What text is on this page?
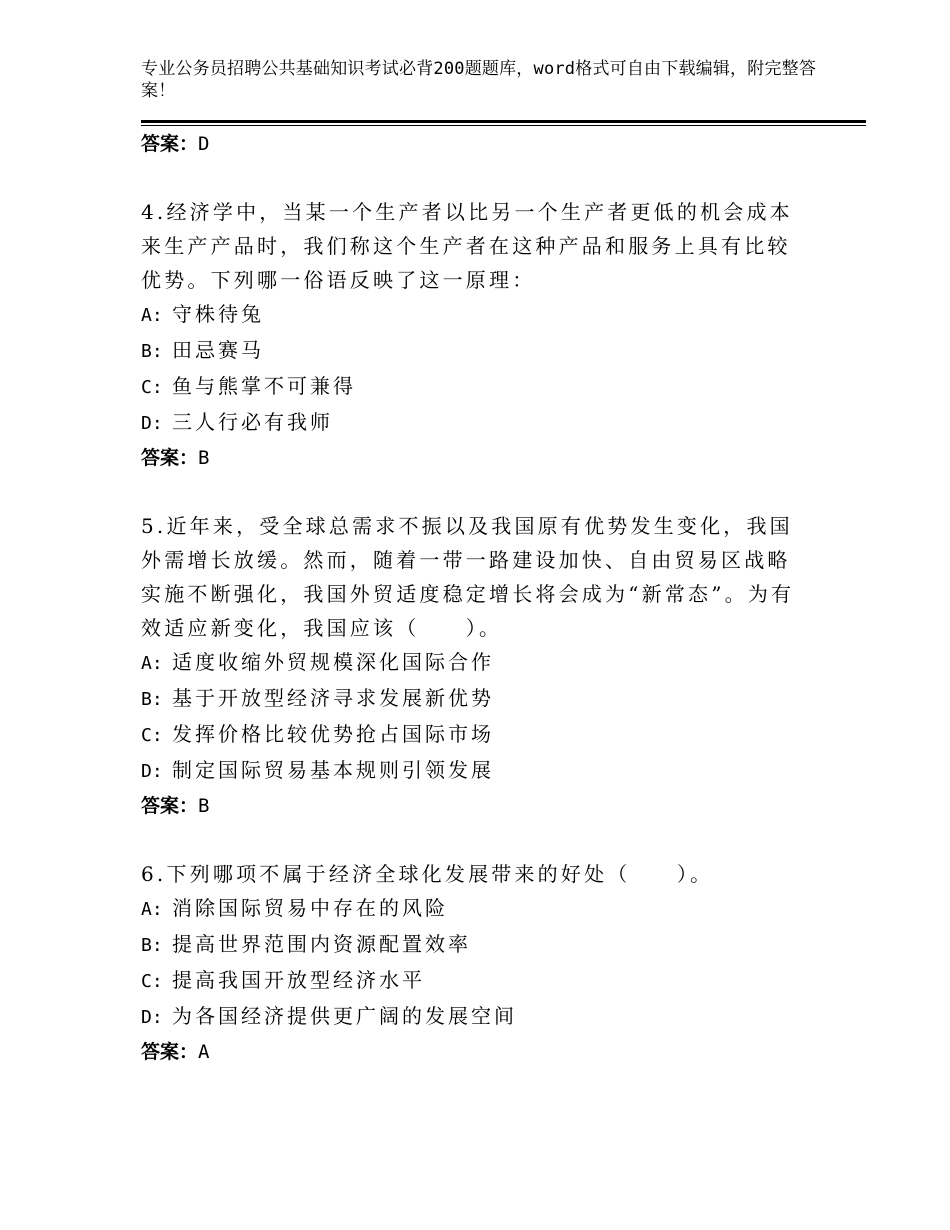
专业公务员招聘公共基础知识考试必背200题题库，word格式可自由下载编辑，附完整答案！
答案：D
4.经济学中，当某一个生产者以比另一个生产者更低的机会成本来生产产品时，我们称这个生产者在这种产品和服务上具有比较优势。下列哪一俗语反映了这一原理：
A: 守株待兔
B: 田忌赛马
C: 鱼与熊掌不可兼得
D: 三人行必有我师
答案：B
5.近年来，受全球总需求不振以及我国原有优势发生变化，我国外需增长放缓。然而，随着一带一路建设加快、自由贸易区战略实施不断强化，我国外贸适度稳定增长将会成为“新常态”。为有效适应新变化，我国应该（　　）。
A: 适度收缩外贸规模深化国际合作
B: 基于开放型经济寻求发展新优势
C: 发挥价格比较优势抢占国际市场
D: 制定国际贸易基本规则引领发展
答案：B
6.下列哪项不属于经济全球化发展带来的好处（　　）。
A: 消除国际贸易中存在的风险
B: 提高世界范围内资源配置效率
C: 提高我国开放型经济水平
D: 为各国经济提供更广阔的发展空间
答案：A
